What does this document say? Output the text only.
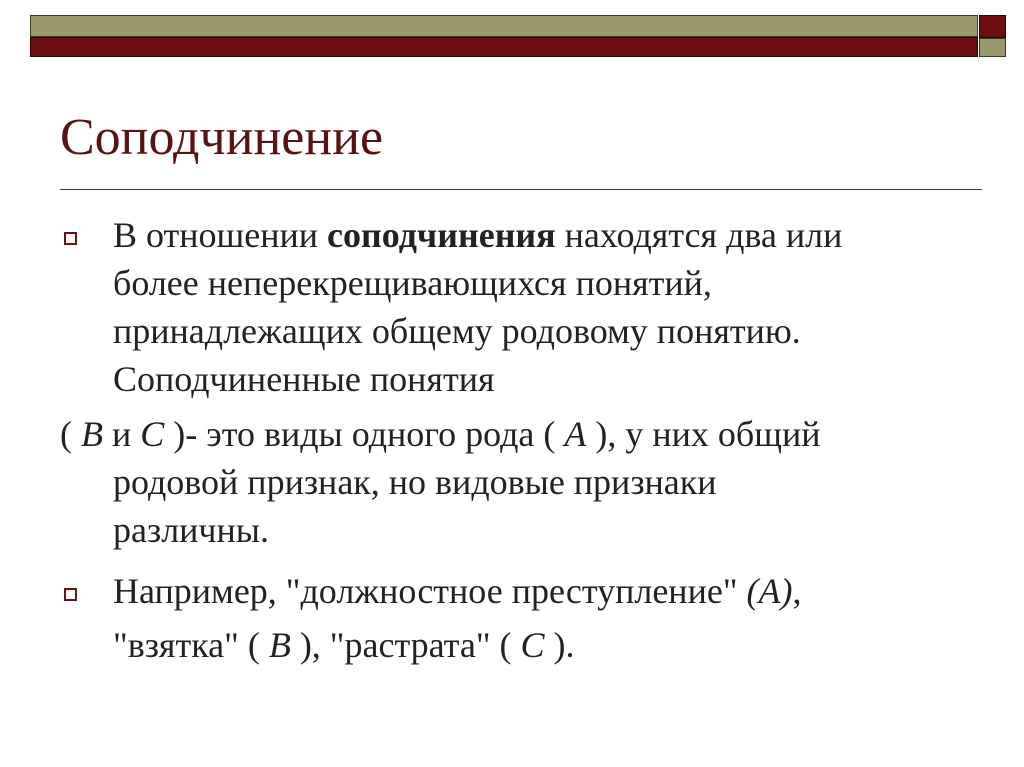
Соподчинение
В отношении соподчинения находятся два или
более неперекрещивающихся понятий,
принадлежащих общему родовому понятию.
Соподчиненные понятия
( В и С )- это виды одного рода ( А ), у них общий
родовой признак, но видовые признаки
различны.
Например, "должностное преступление" (А),
"взятка" ( В ), "растрата" ( С ).
